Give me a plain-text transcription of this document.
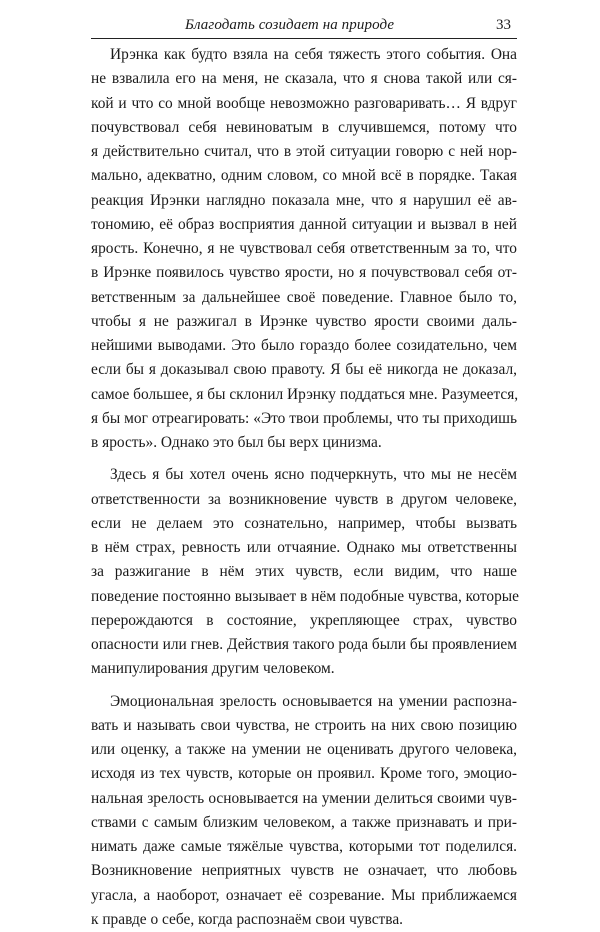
Благодать созидает на природе	33
Ирэнка как будто взяла на себя тяжесть этого события. Она
не взвалила его на меня, не сказала, что я снова такой или ся-
кой и что со мной вообще невозможно разговаривать… Я вдруг
почувствовал себя невиноватым в случившемся, потому что
я действительно считал, что в этой ситуации говорю с ней нор-
мально, адекватно, одним словом, со мной всё в порядке. Такая
реакция Ирэнки наглядно показала мне, что я нарушил её ав-
тономию, её образ восприятия данной ситуации и вызвал в ней
ярость. Конечно, я не чувствовал себя ответственным за то, что
в Ирэнке появилось чувство ярости, но я почувствовал себя от-
ветственным за дальнейшее своё поведение. Главное было то,
чтобы я не разжигал в Ирэнке чувство ярости своими даль-
нейшими выводами. Это было гораздо более созидательно, чем
если бы я доказывал свою правоту. Я бы её никогда не доказал,
самое большее, я бы склонил Ирэнку поддаться мне. Разумеется,
я бы мог отреагировать: «Это твои проблемы, что ты приходишь
в ярость». Однако это был бы верх цинизма.
Здесь я бы хотел очень ясно подчеркнуть, что мы не несём
ответственности за возникновение чувств в другом человеке,
если не делаем это сознательно, например, чтобы вызвать
в нём страх, ревность или отчаяние. Однако мы ответственны
за разжигание в нём этих чувств, если видим, что наше
поведение постоянно вызывает в нём подобные чувства, которые
перерождаются в состояние, укрепляющее страх, чувство
опасности или гнев. Действия такого рода были бы проявлением
манипулирования другим человеком.
Эмоциональная зрелость основывается на умении распозна-
вать и называть свои чувства, не строить на них свою позицию
или оценку, а также на умении не оценивать другого человека,
исходя из тех чувств, которые он проявил. Кроме того, эмоцио-
нальная зрелость основывается на умении делиться своими чув-
ствами с самым близким человеком, а также признавать и при-
нимать даже самые тяжёлые чувства, которыми тот поделился.
Возникновение неприятных чувств не означает, что любовь
угасла, а наоборот, означает её созревание. Мы приближаемся
к правде о себе, когда распознаём свои чувства.
